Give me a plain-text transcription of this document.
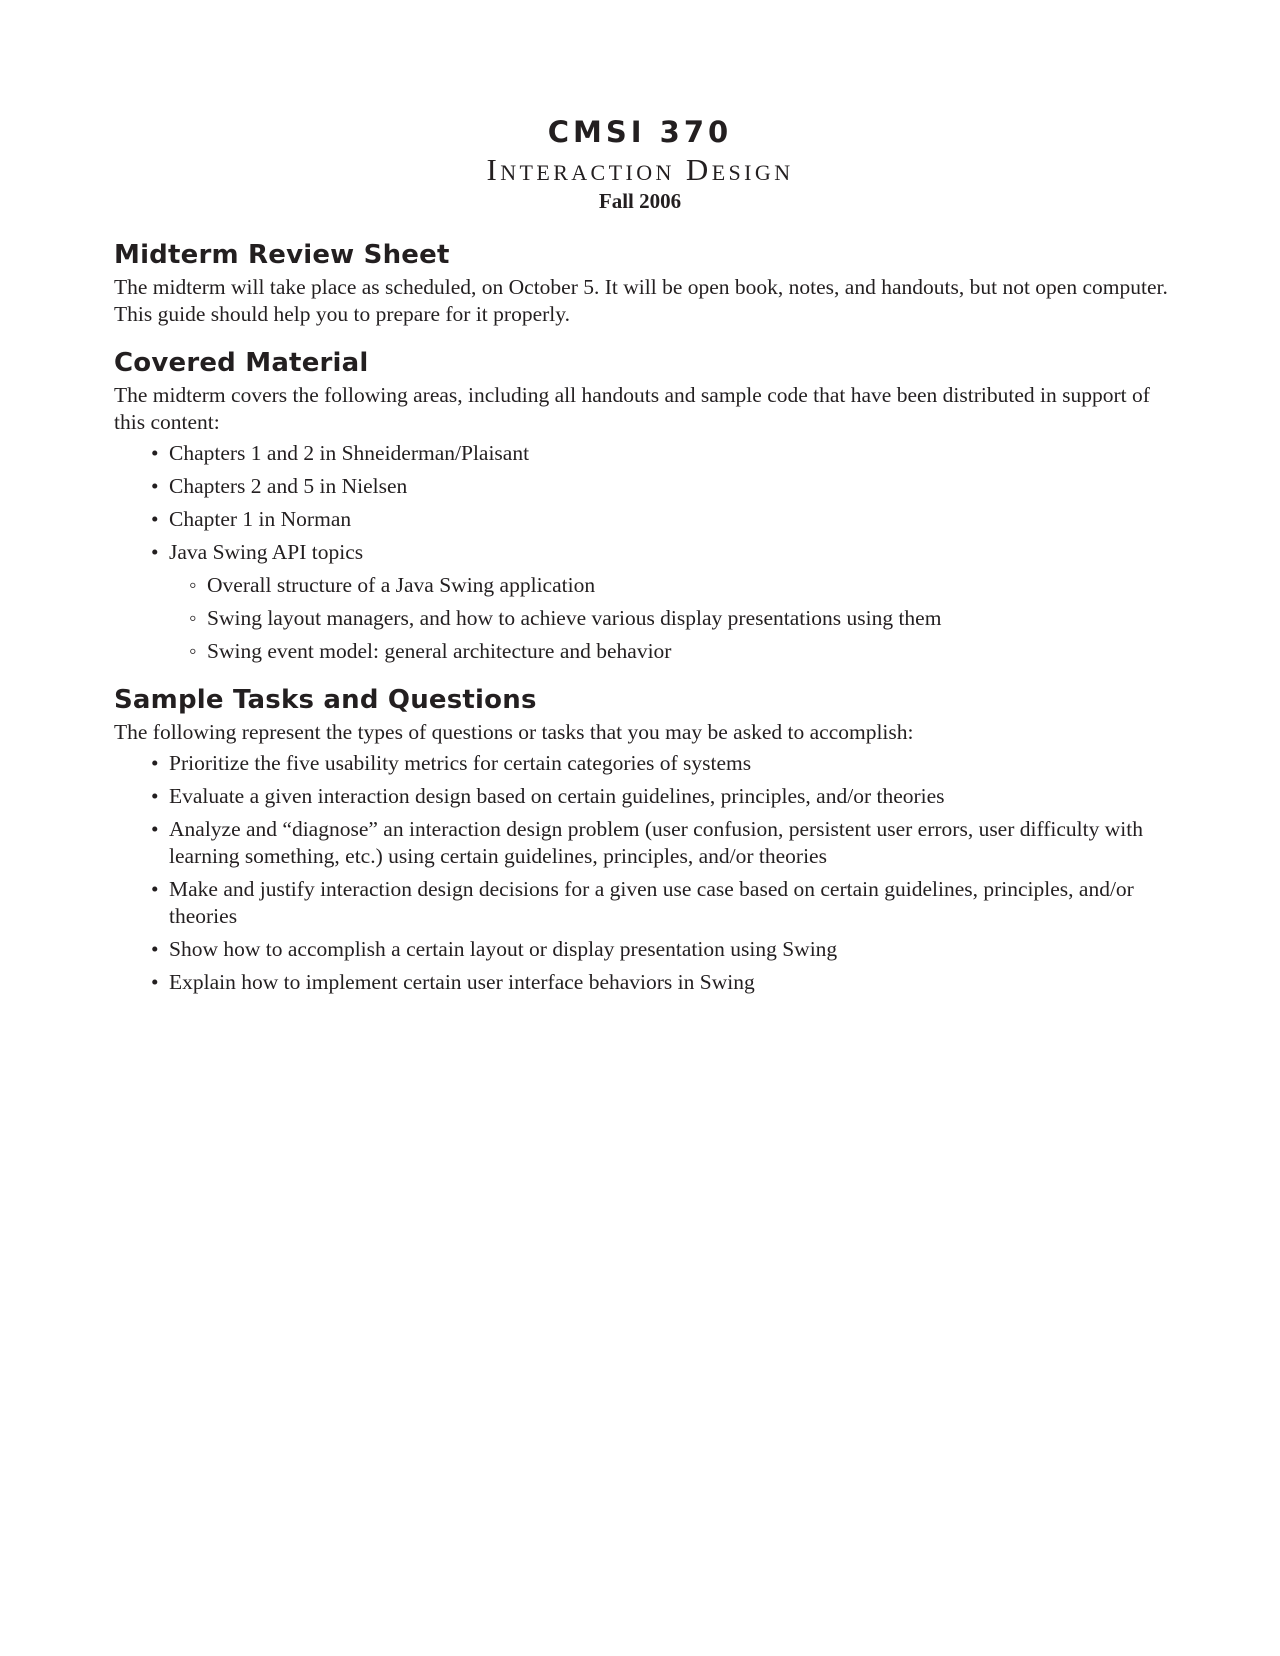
CMSI 370
Interaction Design
Fall 2006
Midterm Review Sheet

The midterm will take place as scheduled, on October 5. It will be open book, notes, and handouts, but not open computer. This guide should help you to prepare for it properly.

Covered Material

The midterm covers the following areas, including all handouts and sample code that have been distributed in support of this content:

• Chapters 1 and 2 in Shneiderman/Plaisant
• Chapters 2 and 5 in Nielsen
• Chapter 1 in Norman
• Java Swing API topics
◦ Overall structure of a Java Swing application
◦ Swing layout managers, and how to achieve various display presentations using them
◦ Swing event model: general architecture and behavior
Sample Tasks and Questions

The following represent the types of questions or tasks that you may be asked to accomplish:

• Prioritize the five usability metrics for certain categories of systems
• Evaluate a given interaction design based on certain guidelines, principles, and/or theories
• Analyze and “diagnose” an interaction design problem (user confusion, persistent user errors, user difficulty with learning something, etc.) using certain guidelines, principles, and/or theories
• Make and justify interaction design decisions for a given use case based on certain guidelines, principles, and/or theories
• Show how to accomplish a certain layout or display presentation using Swing
• Explain how to implement certain user interface behaviors in Swing
